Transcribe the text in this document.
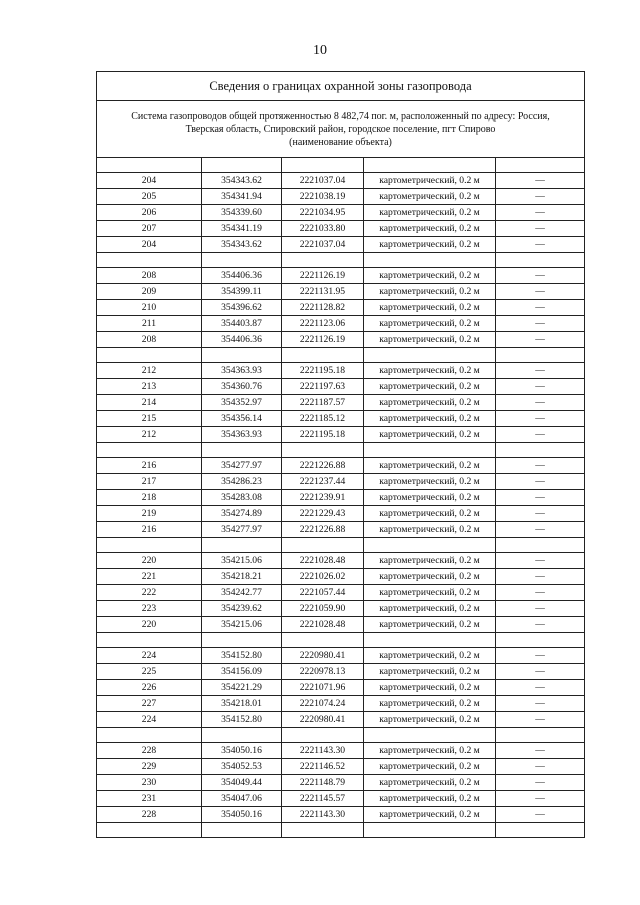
10
Сведения о границах охранной зоны газопровода				
Система газопроводов общей протяженностью 8 482,74 пог. м, расположенный по адресу: Россия,
Тверская область, Спировский район, городское поселение, пгт Спирово
(наименование объекта)				

204	354343.62	2221037.04	картометрический, 0.2 м	—
205	354341.94	2221038.19	картометрический, 0.2 м	—
206	354339.60	2221034.95	картометрический, 0.2 м	—
207	354341.19	2221033.80	картометрический, 0.2 м	—
204	354343.62	2221037.04	картометрический, 0.2 м	—

208	354406.36	2221126.19	картометрический, 0.2 м	—
209	354399.11	2221131.95	картометрический, 0.2 м	—
210	354396.62	2221128.82	картометрический, 0.2 м	—
211	354403.87	2221123.06	картометрический, 0.2 м	—
208	354406.36	2221126.19	картометрический, 0.2 м	—

212	354363.93	2221195.18	картометрический, 0.2 м	—
213	354360.76	2221197.63	картометрический, 0.2 м	—
214	354352.97	2221187.57	картометрический, 0.2 м	—
215	354356.14	2221185.12	картометрический, 0.2 м	—
212	354363.93	2221195.18	картометрический, 0.2 м	—

216	354277.97	2221226.88	картометрический, 0.2 м	—
217	354286.23	2221237.44	картометрический, 0.2 м	—
218	354283.08	2221239.91	картометрический, 0.2 м	—
219	354274.89	2221229.43	картометрический, 0.2 м	—
216	354277.97	2221226.88	картометрический, 0.2 м	—

220	354215.06	2221028.48	картометрический, 0.2 м	—
221	354218.21	2221026.02	картометрический, 0.2 м	—
222	354242.77	2221057.44	картометрический, 0.2 м	—
223	354239.62	2221059.90	картометрический, 0.2 м	—
220	354215.06	2221028.48	картометрический, 0.2 м	—

224	354152.80	2220980.41	картометрический, 0.2 м	—
225	354156.09	2220978.13	картометрический, 0.2 м	—
226	354221.29	2221071.96	картометрический, 0.2 м	—
227	354218.01	2221074.24	картометрический, 0.2 м	—
224	354152.80	2220980.41	картометрический, 0.2 м	—

228	354050.16	2221143.30	картометрический, 0.2 м	—
229	354052.53	2221146.52	картометрический, 0.2 м	—
230	354049.44	2221148.79	картометрический, 0.2 м	—
231	354047.06	2221145.57	картометрический, 0.2 м	—
228	354050.16	2221143.30	картометрический, 0.2 м	—
